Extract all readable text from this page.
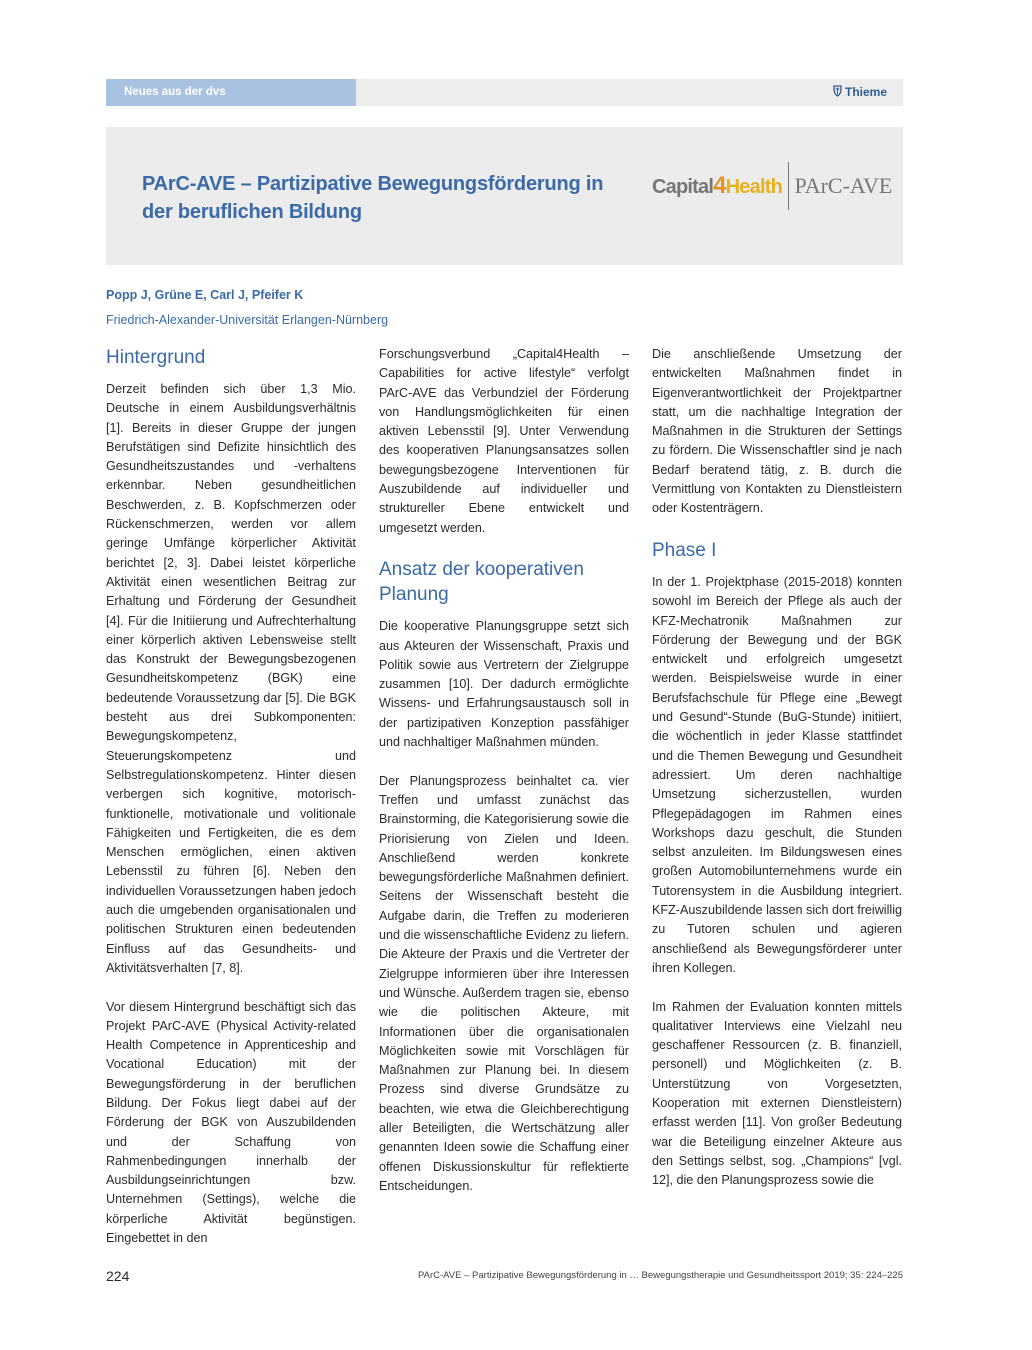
Neues aus der dvs	Thieme
PArC-AVE – Partizipative Bewegungsförderung in der beruflichen Bildung
Capital4Health PArC-AVE
Popp J, Grüne E, Carl J, Pfeifer K
Friedrich-Alexander-Universität Erlangen-Nürnberg
Hintergrund

Derzeit befinden sich über 1,3 Mio. Deutsche in einem Ausbildungsverhältnis [1]. Bereits in dieser Gruppe der jungen Berufstätigen sind Defizite hinsichtlich des Gesundheitszustandes und -verhaltens erkennbar. Neben gesundheitlichen Beschwerden, z. B. Kopfschmerzen oder Rückenschmerzen, werden vor allem geringe Umfänge körperlicher Aktivität berichtet [2, 3]. Dabei leistet körperliche Aktivität einen wesentlichen Beitrag zur Erhaltung und Förderung der Gesundheit [4]. Für die Initiierung und Aufrechterhaltung einer körperlich aktiven Lebensweise stellt das Konstrukt der Bewegungsbezogenen Gesundheitskompetenz (BGK) eine bedeutende Voraussetzung dar [5]. Die BGK besteht aus drei Subkomponenten: Bewegungskompetenz, Steuerungskompetenz und Selbstregulationskompetenz. Hinter diesen verbergen sich kognitive, motorisch-funktionelle, motivationale und volitionale Fähigkeiten und Fertigkeiten, die es dem Menschen ermöglichen, einen aktiven Lebensstil zu führen [6]. Neben den individuellen Voraussetzungen haben jedoch auch die umgebenden organisationalen und politischen Strukturen einen bedeutenden Einfluss auf das Gesundheits- und Aktivitätsverhalten [7, 8].

Vor diesem Hintergrund beschäftigt sich das Projekt PArC-AVE (Physical Activity-related Health Competence in Apprenticeship and Vocational Education) mit der Bewegungsförderung in der beruflichen Bildung. Der Fokus liegt dabei auf der Förderung der BGK von Auszubildenden und der Schaffung von Rahmenbedingungen innerhalb der Ausbildungseinrichtungen bzw. Unternehmen (Settings), welche die körperliche Aktivität begünstigen. Eingebettet in den

Forschungsverbund „Capital4Health – Capabilities for active lifestyle“ verfolgt PArC-AVE das Verbundziel der Förderung von Handlungsmöglichkeiten für einen aktiven Lebensstil [9]. Unter Verwendung des kooperativen Planungsansatzes sollen bewegungsbezogene Interventionen für Auszubildende auf individueller und struktureller Ebene entwickelt und umgesetzt werden.

Ansatz der kooperativen Planung

Die kooperative Planungsgruppe setzt sich aus Akteuren der Wissenschaft, Praxis und Politik sowie aus Vertretern der Zielgruppe zusammen [10]. Der dadurch ermöglichte Wissens- und Erfahrungsaustausch soll in der partizipativen Konzeption passfähiger und nachhaltiger Maßnahmen münden.

Der Planungsprozess beinhaltet ca. vier Treffen und umfasst zunächst das Brainstorming, die Kategorisierung sowie die Priorisierung von Zielen und Ideen. Anschließend werden konkrete bewegungsförderliche Maßnahmen definiert. Seitens der Wissenschaft besteht die Aufgabe darin, die Treffen zu moderieren und die wissenschaftliche Evidenz zu liefern. Die Akteure der Praxis und die Vertreter der Zielgruppe informieren über ihre Interessen und Wünsche. Außerdem tragen sie, ebenso wie die politischen Akteure, mit Informationen über die organisationalen Möglichkeiten sowie mit Vorschlägen für Maßnahmen zur Planung bei. In diesem Prozess sind diverse Grundsätze zu beachten, wie etwa die Gleichberechtigung aller Beteiligten, die Wertschätzung aller genannten Ideen sowie die Schaffung einer offenen Diskussionskultur für reflektierte Entscheidungen.

Die anschließende Umsetzung der entwickelten Maßnahmen findet in Eigenverantwortlichkeit der Projektpartner statt, um die nachhaltige Integration der Maßnahmen in die Strukturen der Settings zu fördern. Die Wissenschaftler sind je nach Bedarf beratend tätig, z. B. durch die Vermittlung von Kontakten zu Dienstleistern oder Kostenträgern.

Phase I

In der 1. Projektphase (2015-2018) konnten sowohl im Bereich der Pflege als auch der KFZ-Mechatronik Maßnahmen zur Förderung der Bewegung und der BGK entwickelt und erfolgreich umgesetzt werden. Beispielsweise wurde in einer Berufsfachschule für Pflege eine „Bewegt und Gesund“-Stunde (BuG-Stunde) initiiert, die wöchentlich in jeder Klasse stattfindet und die Themen Bewegung und Gesundheit adressiert. Um deren nachhaltige Umsetzung sicherzustellen, wurden Pflegepädagogen im Rahmen eines Workshops dazu geschult, die Stunden selbst anzuleiten. Im Bildungswesen eines großen Automobilunternehmens wurde ein Tutorensystem in die Ausbildung integriert. KFZ-Auszubildende lassen sich dort freiwillig zu Tutoren schulen und agieren anschließend als Bewegungsförderer unter ihren Kollegen.

Im Rahmen der Evaluation konnten mittels qualitativer Interviews eine Vielzahl neu geschaffener Ressourcen (z. B. finanziell, personell) und Möglichkeiten (z. B. Unterstützung von Vorgesetzten, Kooperation mit externen Dienstleistern) erfasst werden [11]. Von großer Bedeutung war die Beteiligung einzelner Akteure aus den Settings selbst, sog. „Champions“ [vgl. 12], die den Planungsprozess sowie die

224	PArC-AVE – Partizipative Bewegungsförderung in … Bewegungstherapie und Gesundheitssport 2019; 35: 224–225
